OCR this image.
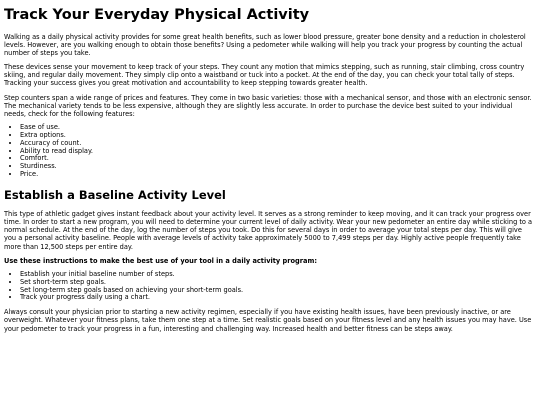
Track Your Everyday Physical Activity

Walking as a daily physical activity provides for some great health benefits, such as lower blood pressure, greater bone density and a reduction in cholesterol levels. However, are you walking enough to obtain those benefits? Using a pedometer while walking will help you track your progress by counting the actual number of steps you take.

These devices sense your movement to keep track of your steps. They count any motion that mimics stepping, such as running, stair climbing, cross country skiing, and regular daily movement. They simply clip onto a waistband or tuck into a pocket. At the end of the day, you can check your total tally of steps. Tracking your success gives you great motivation and accountability to keep stepping towards greater health.

Step counters span a wide range of prices and features. They come in two basic varieties: those with a mechanical sensor, and those with an electronic sensor. The mechanical variety tends to be less expensive, although they are slightly less accurate. In order to purchase the device best suited to your individual needs, check for the following features:

• Ease of use.
• Extra options.
• Accuracy of count.
• Ability to read display.
• Comfort.
• Sturdiness.
• Price.
Establish a Baseline Activity Level

This type of athletic gadget gives instant feedback about your activity level. It serves as a strong reminder to keep moving, and it can track your progress over time. In order to start a new program, you will need to determine your current level of daily activity. Wear your new pedometer an entire day while sticking to a normal schedule. At the end of the day, log the number of steps you took. Do this for several days in order to average your total steps per day. This will give you a personal activity baseline. People with average levels of activity take approximately 5000 to 7,499 steps per day. Highly active people frequently take more than 12,500 steps per entire day.

Use these instructions to make the best use of your tool in a daily activity program:

• Establish your initial baseline number of steps.
• Set short-term step goals.
• Set long-term step goals based on achieving your short-term goals.
• Track your progress daily using a chart.

Always consult your physician prior to starting a new activity regimen, especially if you have existing health issues, have been previously inactive, or are overweight. Whatever your fitness plans, take them one step at a time. Set realistic goals based on your fitness level and any health issues you may have. Use your pedometer to track your progress in a fun, interesting and challenging way. Increased health and better fitness can be steps away.
